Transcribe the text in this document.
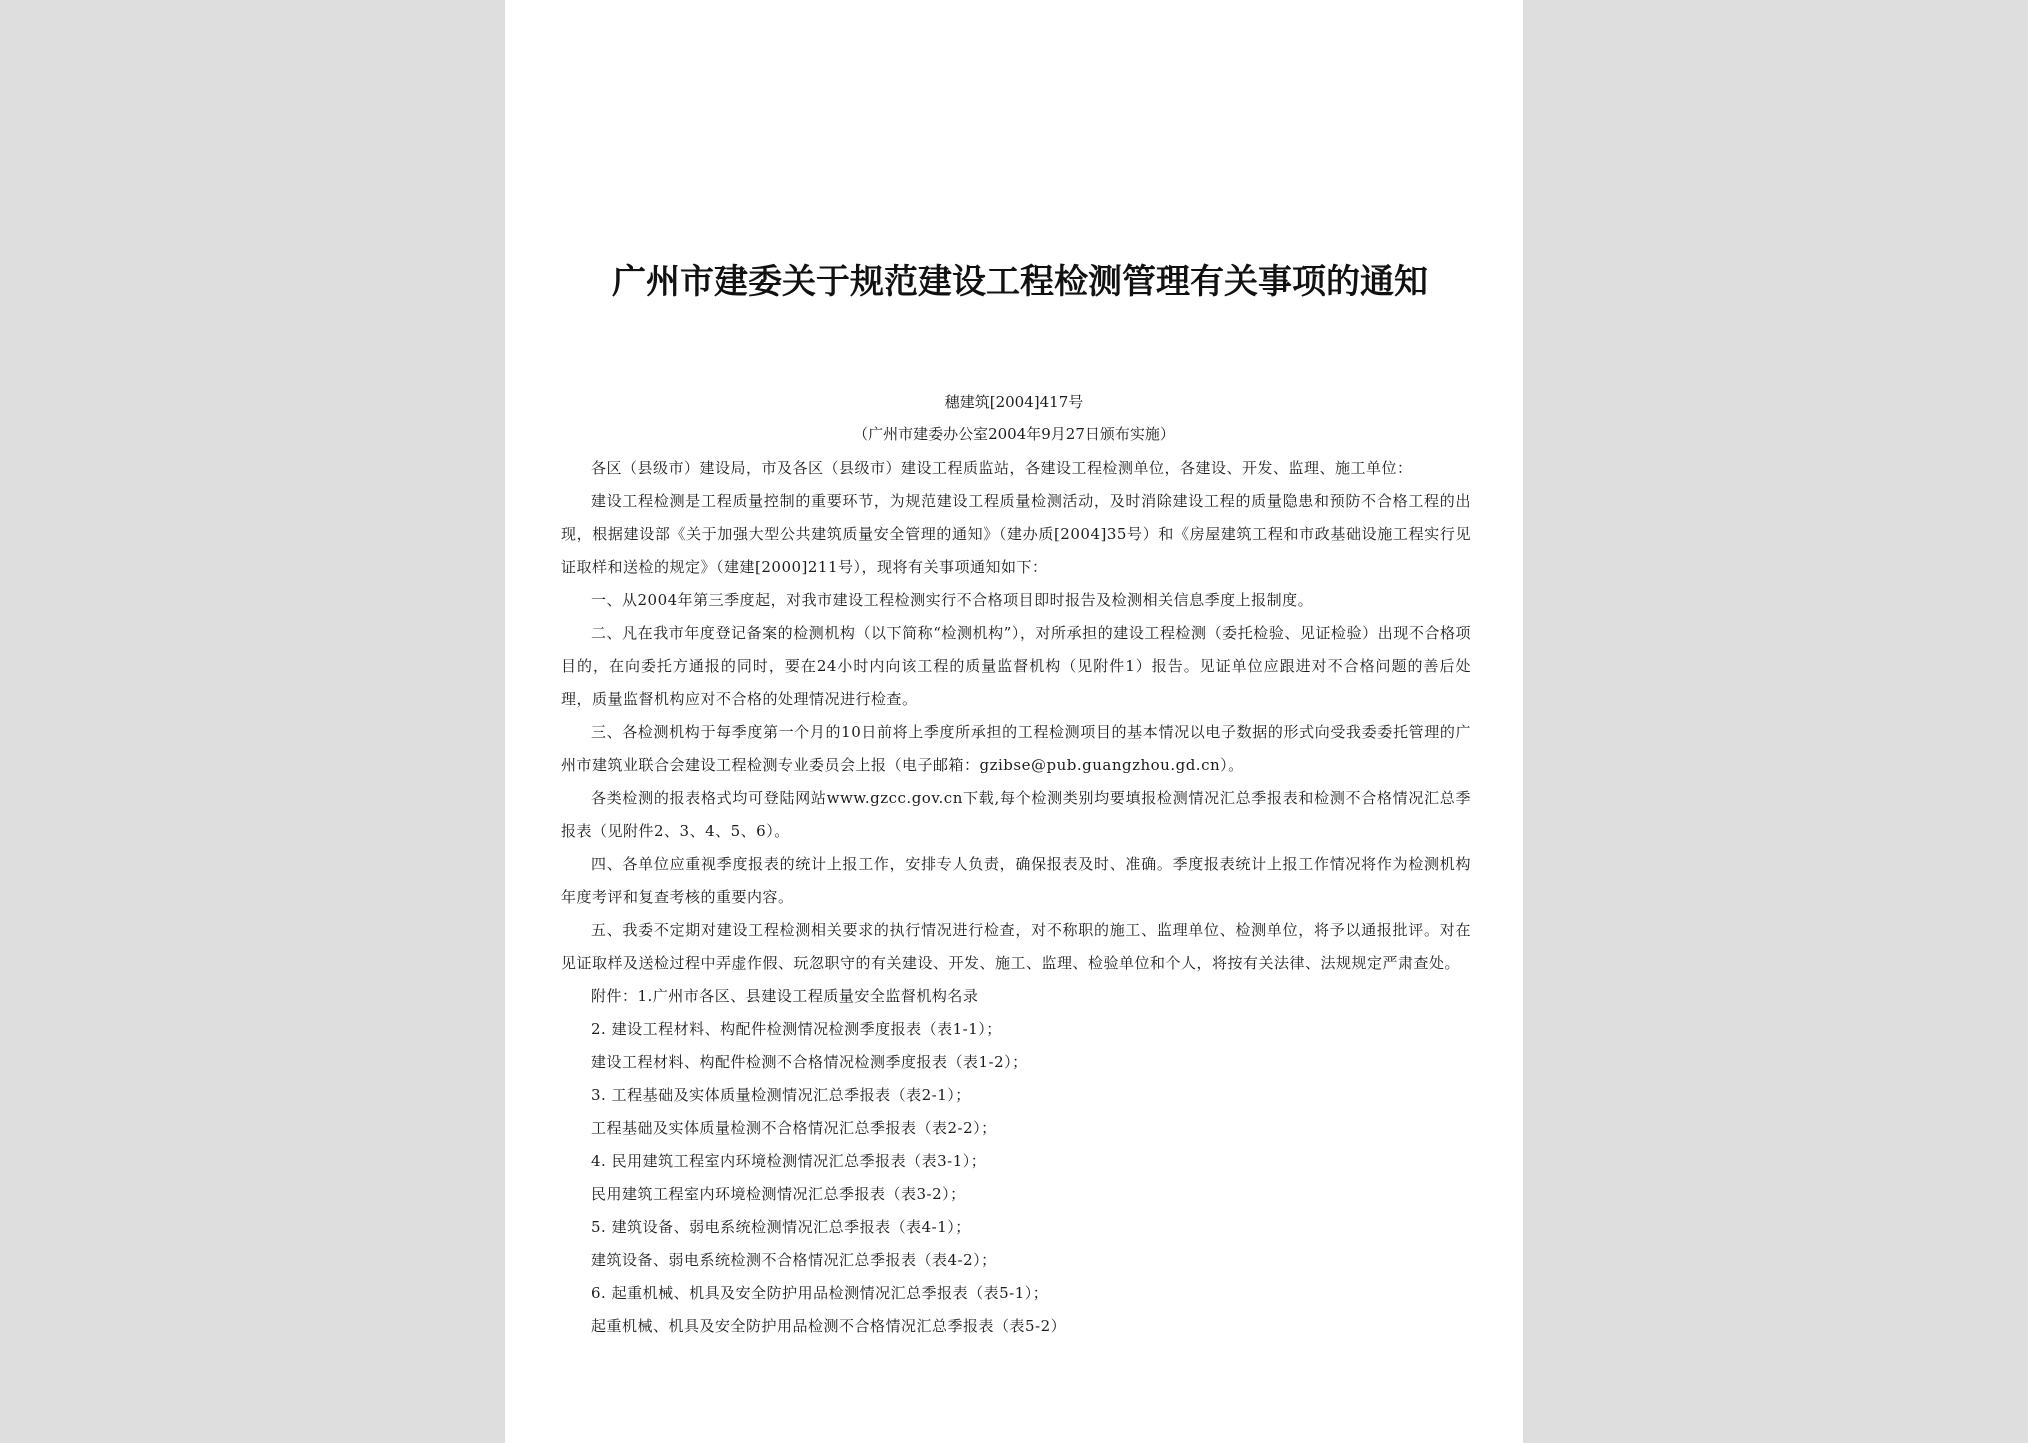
广州市建委关于规范建设工程检测管理有关事项的通知
穗建筑[2004]417号
（广州市建委办公室2004年9月27日颁布实施）

各区（县级市）建设局，市及各区（县级市）建设工程质监站，各建设工程检测单位，各建设、开发、监理、施工单位：

建设工程检测是工程质量控制的重要环节，为规范建设工程质量检测活动，及时消除建设工程的质量隐患和预防不合格工程的出现，根据建设部《关于加强大型公共建筑质量安全管理的通知》（建办质[2004]35号）和《房屋建筑工程和市政基础设施工程实行见证取样和送检的规定》（建建[2000]211号），现将有关事项通知如下：

一、从2004年第三季度起，对我市建设工程检测实行不合格项目即时报告及检测相关信息季度上报制度。

二、凡在我市年度登记备案的检测机构（以下简称“检测机构”），对所承担的建设工程检测（委托检验、见证检验）出现不合格项目的，在向委托方通报的同时，要在24小时内向该工程的质量监督机构（见附件1）报告。见证单位应跟进对不合格问题的善后处理，质量监督机构应对不合格的处理情况进行检查。

三、各检测机构于每季度第一个月的10日前将上季度所承担的工程检测项目的基本情况以电子数据的形式向受我委委托管理的广州市建筑业联合会建设工程检测专业委员会上报（电子邮箱：gzibse@pub.guangzhou.gd.cn）。

各类检测的报表格式均可登陆网站www.gzcc.gov.cn下载,每个检测类别均要填报检测情况汇总季报表和检测不合格情况汇总季报表（见附件2、3、4、5、6）。

四、各单位应重视季度报表的统计上报工作，安排专人负责，确保报表及时、准确。季度报表统计上报工作情况将作为检测机构年度考评和复查考核的重要内容。

五、我委不定期对建设工程检测相关要求的执行情况进行检查，对不称职的施工、监理单位、检测单位，将予以通报批评。对在见证取样及送检过程中弄虚作假、玩忽职守的有关建设、开发、施工、监理、检验单位和个人，将按有关法律、法规规定严肃查处。

附件：1.广州市各区、县建设工程质量安全监督机构名录

2. 建设工程材料、构配件检测情况检测季度报表（表1-1）；

建设工程材料、构配件检测不合格情况检测季度报表（表1-2）；

3. 工程基础及实体质量检测情况汇总季报表（表2-1）；

工程基础及实体质量检测不合格情况汇总季报表（表2-2）；

4. 民用建筑工程室内环境检测情况汇总季报表（表3-1）；

民用建筑工程室内环境检测情况汇总季报表（表3-2）；

5. 建筑设备、弱电系统检测情况汇总季报表（表4-1）；

建筑设备、弱电系统检测不合格情况汇总季报表（表4-2）；

6. 起重机械、机具及安全防护用品检测情况汇总季报表（表5-1）；

起重机械、机具及安全防护用品检测不合格情况汇总季报表（表5-2）
